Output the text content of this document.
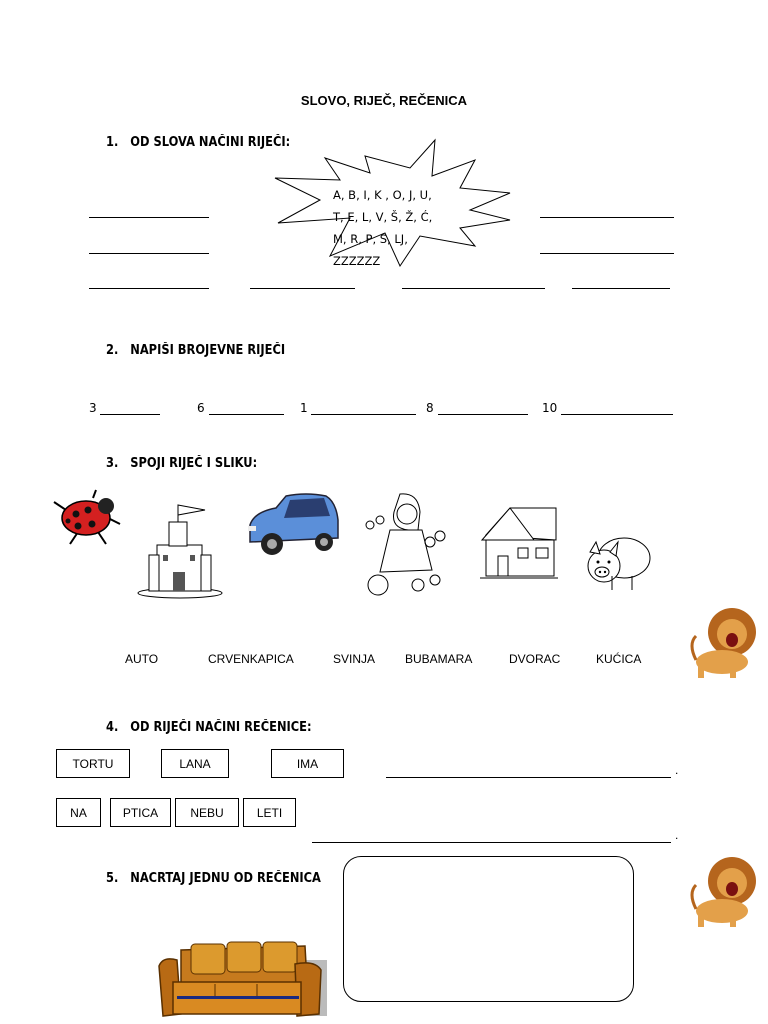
SLOVO, RIJEČ, REČENICA
1. OD SLOVA NAČINI RIJEČI:
A, B, I, K , O, J, U,
T, E, L, V, Š, Ž, Ć,
M, R, P, S, LJ,
ZZZZZZ
2. NAPIŠI BROJEVNE RIJEČI
3	6	1	8	10
3. SPOJI RIJEČ I SLIKU:
AUTO	CRVENKAPICA	SVINJA BUBAMARA	DVORAC	KUĆICA
4. OD RIJEČI NAČINI REČENICE:
TORTU	LANA	IMA	.
NA	PTICA	NEBU	LETI
.
5. NACRTAJ JEDNU OD REČENICA
